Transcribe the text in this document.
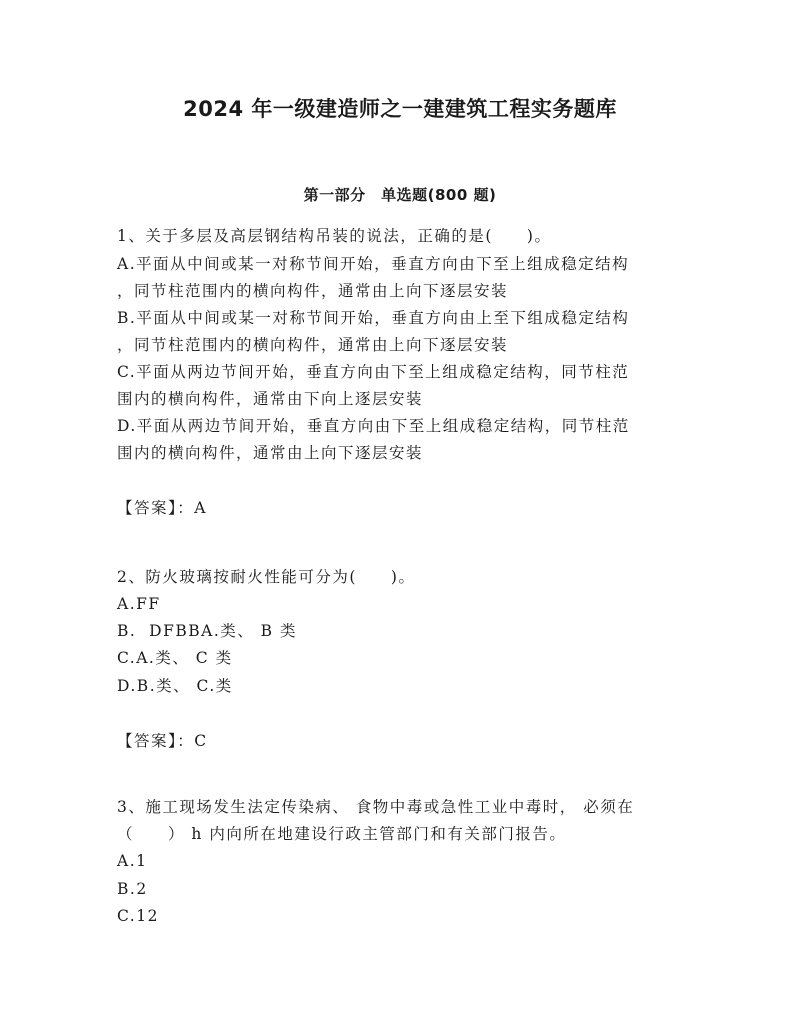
2024 年一级建造师之一建建筑工程实务题库
第一部分　单选题(800 题)
1、关于多层及高层钢结构吊装的说法，正确的是(　　)。
A.平面从中间或某一对称节间开始，垂直方向由下至上组成稳定结构
，同节柱范围内的横向构件，通常由上向下逐层安装
B.平面从中间或某一对称节间开始，垂直方向由上至下组成稳定结构
，同节柱范围内的横向构件，通常由上向下逐层安装
C.平面从两边节间开始，垂直方向由下至上组成稳定结构，同节柱范
围内的横向构件，通常由下向上逐层安装
D.平面从两边节间开始，垂直方向由下至上组成稳定结构，同节柱范
围内的横向构件，通常由上向下逐层安装
【答案】：A
2、防火玻璃按耐火性能可分为(　　)。
A.FF
B.  DFBBA.类、 B 类
C.A.类、 C 类
D.B.类、 C.类
【答案】：C
3、施工现场发生法定传染病、 食物中毒或急性工业中毒时， 必须在
（　　） h 内向所在地建设行政主管部门和有关部门报告。
A.1
B.2
C.12
